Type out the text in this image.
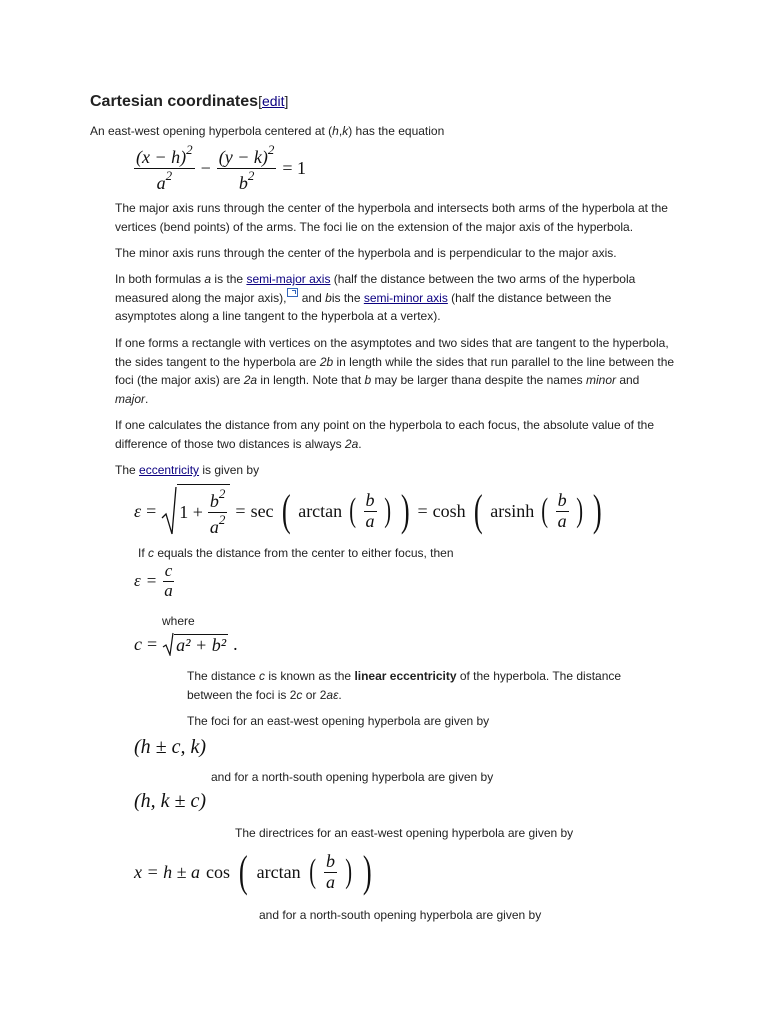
Cartesian coordinates[edit]
An east-west opening hyperbola centered at (h,k) has the equation
$\frac{(x - h)^2}{a^2} - \frac{(y - k)^2}{b^2} = 1$
The major axis runs through the center of the hyperbola and intersects both arms of the hyperbola at the vertices (bend points) of the arms. The foci lie on the extension of the major axis of the hyperbola.
The minor axis runs through the center of the hyperbola and is perpendicular to the major axis.
In both formulas a is the semi-major axis (half the distance between the two arms of the hyperbola measured along the major axis), and bis the semi-minor axis (half the distance between the asymptotes along a line tangent to the hyperbola at a vertex).
If one forms a rectangle with vertices on the asymptotes and two sides that are tangent to the hyperbola, the sides tangent to the hyperbola are 2b in length while the sides that run parallel to the line between the foci (the major axis) are 2a in length. Note that b may be larger thana despite the names minor and major.
If one calculates the distance from any point on the hyperbola to each focus, the absolute value of the difference of those two distances is always 2a.
The eccentricity is given by
$\varepsilon = 1 + \frac{b^2}{a^2} = \sec$ ( arctan ( $\frac{b}{a}$ ) ) = cosh ( arsinh ( $\frac{b}{a}$ ) )
If c equals the distance from the center to either focus, then
$\varepsilon = \frac{c}{a}$
where
c = a² + b² .
The distance c is known as the linear eccentricity of the hyperbola. The distance between the foci is 2c or 2aε.
The foci for an east-west opening hyperbola are given by
(h ± c, k)
and for a north-south opening hyperbola are given by
(h, k ± c)
The directrices for an east-west opening hyperbola are given by
x = h ± a cos ( arctan ( $\frac{b}{a}$ ) )
and for a north-south opening hyperbola are given by
